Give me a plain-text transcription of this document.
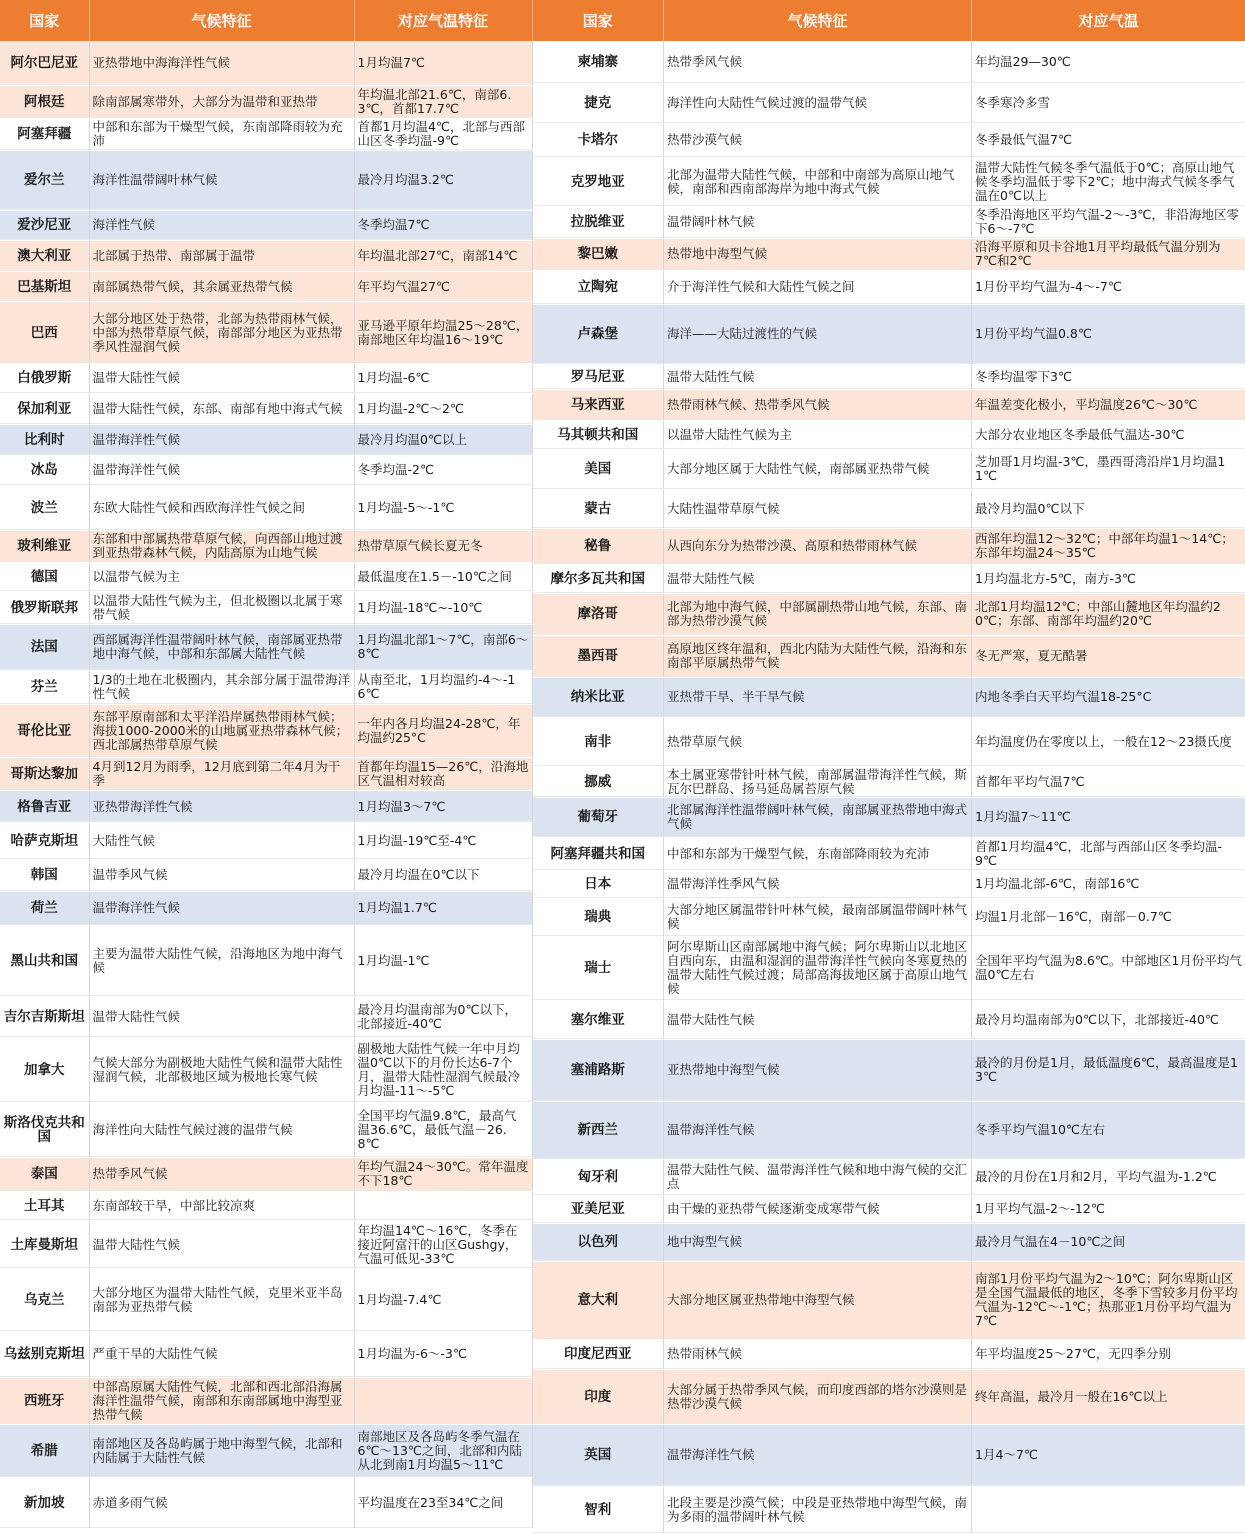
国家	气候特征	对应气温特征
阿尔巴尼亚	亚热带地中海海洋性气候	1月均温7℃
阿根廷	除南部属寒带外，大部分为温带和亚热带	年均温北部21.6℃，南部6.3℃，首都17.7℃
阿塞拜疆	中部和东部为干燥型气候，东南部降雨较为充沛	首都1月均温4℃，北部与西部山区冬季均温-9℃
爱尔兰	海洋性温带阔叶林气候	最冷月均温3.2℃
爱沙尼亚	海洋性气候	冬季均温7℃
澳大利亚	北部属于热带、南部属于温带	年均温北部27℃，南部14℃
巴基斯坦	南部属热带气候，其余属亚热带气候	年平均气温27℃
巴西	大部分地区处于热带，北部为热带雨林气候，中部为热带草原气候，南部部分地区为亚热带季风性湿润气候	亚马逊平原年均温25～28℃，南部地区年均温16～19℃
白俄罗斯	温带大陆性气候	1月均温-6℃
保加利亚	温带大陆性气候，东部、南部有地中海式气候	1月均温-2℃～2℃
比利时	温带海洋性气候	最冷月均温0℃以上
冰岛	温带海洋性气候	冬季均温-2℃
波兰	东欧大陆性气候和西欧海洋性气候之间	1月均温-5～-1℃
玻利维亚	东部和中部属热带草原气候，向西部山地过渡到亚热带森林气候，内陆高原为山地气候	热带草原气候长夏无冬
德国	以温带气候为主	最低温度在1.5－-10℃之间
俄罗斯联邦	以温带大陆性气候为主，但北极圈以北属于寒带气候	1月均温-18℃~-10℃
法国	西部属海洋性温带阔叶林气候，南部属亚热带地中海气候，中部和东部属大陆性气候	1月均温北部1～7℃，南部6～8℃
芬兰	1/3的土地在北极圈内，其余部分属于温带海洋性气候	从南至北，1月均温约-4～-16℃
哥伦比亚	东部平原南部和太平洋沿岸属热带雨林气候；海拔1000-2000米的山地属亚热带森林气候；西北部属热带草原气候	一年内各月均温24-28℃，年均温约25°C
哥斯达黎加	4月到12月为雨季，12月底到第二年4月为干季	首都年均温15—26℃，沿海地区气温相对较高
格鲁吉亚	亚热带海洋性气候	1月均温3～7℃
哈萨克斯坦	大陆性气候	1月均温-19℃至-4℃
韩国	温带季风气候	最冷月均温在0℃以下
荷兰	温带海洋性气候	1月均温1.7℃
黑山共和国	主要为温带大陆性气候，沿海地区为地中海气候	1月均温-1℃
吉尔吉斯斯坦	温带大陆性气候	最冷月均温南部为0℃以下，北部接近-40℃
加拿大	气候大部分为副极地大陆性气候和温带大陆性湿润气候，北部极地区域为极地长寒气候	副极地大陆性气候一年中月均温0℃以下的月份长达6-7个月，温带大陆性湿润气候最冷月均温-11～-5℃
斯洛伐克共和国	海洋性向大陆性气候过渡的温带气候	全国平均气温9.8℃，最高气温36.6℃，最低气温－26.8℃
泰国	热带季风气候	年均气温24～30℃。常年温度不下18℃
土耳其	东南部较干旱，中部比较凉爽	
土库曼斯坦	温带大陆性气候	年均温14℃～16℃，冬季在接近阿富汗的山区Gushgy，气温可低见-33℃
乌克兰	大部分地区为温带大陆性气候，克里米亚半岛南部为亚热带气候	1月均温-7.4℃
乌兹别克斯坦	严重干旱的大陆性气候	1月均温为-6～-3℃
西班牙	中部高原属大陆性气候，北部和西北部沿海属海洋性温带气候，南部和东南部属地中海型亚热带气候	
希腊	南部地区及各岛屿属于地中海型气候，北部和内陆属于大陆性气候	南部地区及各岛屿冬季气温在6℃～13℃之间，北部和内陆从北到南1月均温5～11℃
新加坡	赤道多雨气候	平均温度在23至34℃之间
国家	气候特征	对应气温
柬埔寨	热带季风气候	年均温29—30℃
捷克	海洋性向大陆性气候过渡的温带气候	冬季寒冷多雪
卡塔尔	热带沙漠气候	冬季最低气温7℃
克罗地亚	北部为温带大陆性气候，中部和中南部为高原山地气候，南部和西南部海岸为地中海式气候	温带大陆性气候冬季气温低于0℃；高原山地气候冬季均温低于零下2℃；地中海式气候冬季气温在0℃以上
拉脱维亚	温带阔叶林气候	冬季沿海地区平均气温-2～-3℃，非沿海地区零下6～-7℃
黎巴嫩	热带地中海型气候	沿海平原和贝卡谷地1月平均最低气温分别为7℃和2℃
立陶宛	介于海洋性气候和大陆性气候之间	1月份平均气温为-4～-7℃
卢森堡	海洋——大陆过渡性的气候	1月份平均气温0.8℃
罗马尼亚	温带大陆性气候	冬季均温零下3℃
马来西亚	热带雨林气候、热带季风气候	年温差变化极小，平均温度26℃～30℃
马其顿共和国	以温带大陆性气候为主	大部分农业地区冬季最低气温达-30℃
美国	大部分地区属于大陆性气候，南部属亚热带气候	芝加哥1月均温-3℃，墨西哥湾沿岸1月均温11℃
蒙古	大陆性温带草原气候	最冷月均温0℃以下
秘鲁	从西向东分为热带沙漠、高原和热带雨林气候	西部年均温12～32℃；中部年均温1～14℃；东部年均温24～35℃
摩尔多瓦共和国	温带大陆性气候	1月均温北方-5℃，南方-3℃
摩洛哥	北部为地中海气候，中部属副热带山地气候，东部、南部为热带沙漠气候	北部1月均温12℃；中部山麓地区年均温约20℃；东部、南部年均温约20℃
墨西哥	高原地区终年温和，西北内陆为大陆性气候，沿海和东南部平原属热带气候	冬无严寒，夏无酷暑
纳米比亚	亚热带干旱、半干旱气候	内地冬季白天平均气温18-25°C
南非	热带草原气候	年均温度仍在零度以上，一般在12～23摄氏度
挪威	本土属亚寒带针叶林气候，南部属温带海洋性气候，斯瓦尔巴群岛、扬马延岛属苔原气候	首都年平均气温7℃
葡萄牙	北部属海洋性温带阔叶林气候，南部属亚热带地中海式气候	1月均温7～11℃
阿塞拜疆共和国	中部和东部为干燥型气候，东南部降雨较为充沛	首都1月均温4℃，北部与西部山区冬季均温-9℃
日本	温带海洋性季风气候	1月均温北部-6℃，南部16℃
瑞典	大部分地区属温带针叶林气候，最南部属温带阔叶林气候	均温1月北部－16℃，南部－0.7℃
瑞士	阿尔卑斯山区南部属地中海气候；阿尔卑斯山以北地区自西向东，由温和湿润的温带海洋性气候向冬寒夏热的温带大陆性气候过渡；局部高海拔地区属于高原山地气候	全国年平均气温为8.6℃。中部地区1月份平均气温0℃左右
塞尔维亚	温带大陆性气候	最冷月均温南部为0℃以下，北部接近-40℃
塞浦路斯	亚热带地中海型气候	最冷的月份是1月，最低温度6℃，最高温度是13℃
新西兰	温带海洋性气候	冬季平均气温10℃左右
匈牙利	温带大陆性气候、温带海洋性气候和地中海气候的交汇点	最冷的月份在1月和2月，平均气温为-1.2℃
亚美尼亚	由干燥的亚热带气候逐渐变成寒带气候	1月平均气温-2～-12℃
以色列	地中海型气候	最冷月气温在4－10℃之间
意大利	大部分地区属亚热带地中海型气候	南部1月份平均气温为2～10℃；阿尔卑斯山区是全国气温最低的地区，冬季下雪较多月份平均气温为-12℃～-1℃；热那亚1月份平均气温为7℃
印度尼西亚	热带雨林气候	年平均温度25～27℃，无四季分别
印度	大部分属于热带季风气候，而印度西部的塔尔沙漠则是热带沙漠气候	终年高温，最冷月一般在16℃以上
英国	温带海洋性气候	1月4～7℃
智利	北段主要是沙漠气候；中段是亚热带地中海型气候，南为多雨的温带阔叶林气候	
